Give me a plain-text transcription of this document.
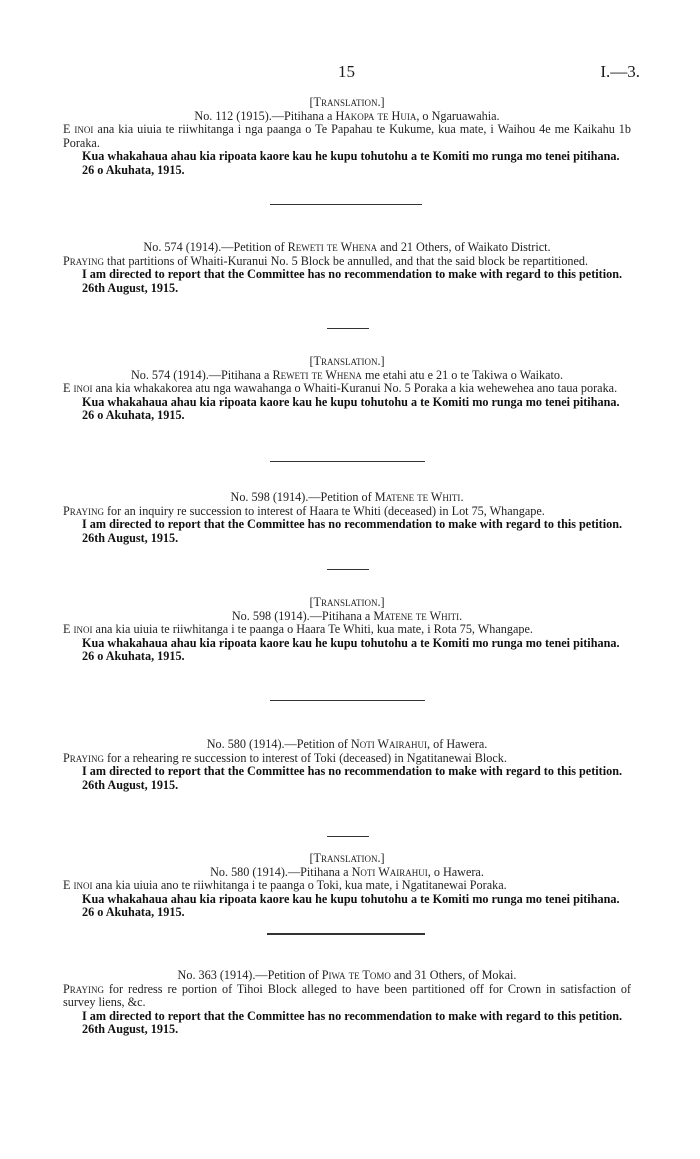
15	I.—3.
[Translation.]
No. 112 (1915).—Pitihana a Hakopa te Huia, o Ngaruawahia.

E inoi ana kia uiuia te riiwhitanga i nga paanga o Te Papahau te Kukume, kua mate, i Waihou 4e me Kaikahu 1b Poraka.

Kua whakahaua ahau kia ripoata kaore kau he kupu tohutohu a te Komiti mo runga mo tenei pitihana.

26 o Akuhata, 1915.

No. 574 (1914).—Petition of Reweti te Whena and 21 Others, of Waikato District.

Praying that partitions of Whaiti-Kuranui No. 5 Block be annulled, and that the said block be repartitioned.

I am directed to report that the Committee has no recommendation to make with regard to this petition.

26th August, 1915.

[Translation.]
No. 574 (1914).—Pitihana a Reweti te Whena me etahi atu e 21 o te Takiwa o Waikato.

E inoi ana kia whakakorea atu nga wawahanga o Whaiti-Kuranui No. 5 Poraka a kia wehewehea ano taua poraka.

Kua whakahaua ahau kia ripoata kaore kau he kupu tohutohu a te Komiti mo runga mo tenei pitihana.

26 o Akuhata, 1915.

No. 598 (1914).—Petition of Matene te Whiti.

Praying for an inquiry re succession to interest of Haara te Whiti (deceased) in Lot 75, Whangape.

I am directed to report that the Committee has no recommendation to make with regard to this petition.

26th August, 1915.

[Translation.]
No. 598 (1914).—Pitihana a Matene te Whiti.

E inoi ana kia uiuia te riiwhitanga i te paanga o Haara Te Whiti, kua mate, i Rota 75, Whangape.

Kua whakahaua ahau kia ripoata kaore kau he kupu tohutohu a te Komiti mo runga mo tenei pitihana.

26 o Akuhata, 1915.

No. 580 (1914).—Petition of Noti Wairahui, of Hawera.

Praying for a rehearing re succession to interest of Toki (deceased) in Ngatitanewai Block.

I am directed to report that the Committee has no recommendation to make with regard to this petition.

26th August, 1915.

[Translation.]
No. 580 (1914).—Pitihana a Noti Wairahui, o Hawera.

E inoi ana kia uiuia ano te riiwhitanga i te paanga o Toki, kua mate, i Ngatitanewai Poraka.

Kua whakahaua ahau kia ripoata kaore kau he kupu tohutohu a te Komiti mo runga mo tenei pitihana.

26 o Akuhata, 1915.

No. 363 (1914).—Petition of Piwa te Tomo and 31 Others, of Mokai.

Praying for redress re portion of Tihoi Block alleged to have been partitioned off for Crown in satisfaction of survey liens, &c.

I am directed to report that the Committee has no recommendation to make with regard to this petition.

26th August, 1915.
